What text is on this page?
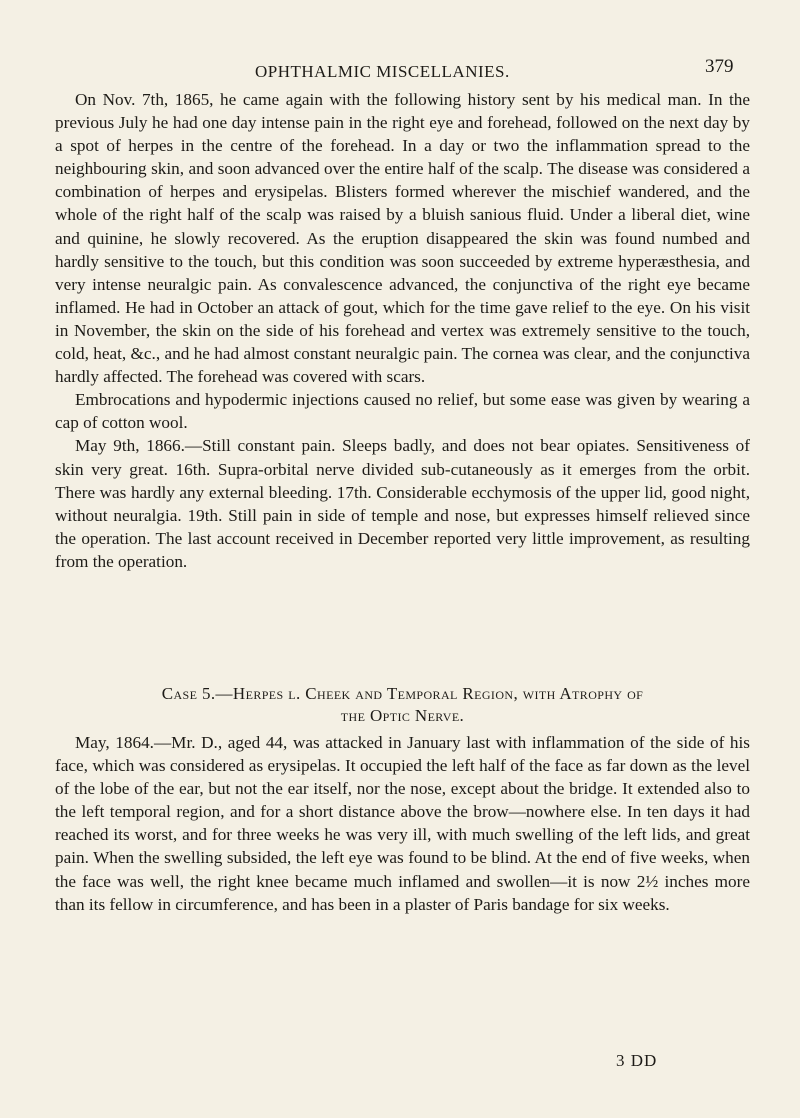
OPHTHALMIC MISCELLANIES.	379

On Nov. 7th, 1865, he came again with the following history sent by his medical man. In the previous July he had one day intense pain in the right eye and forehead, followed on the next day by a spot of herpes in the centre of the forehead. In a day or two the inflammation spread to the neighbouring skin, and soon advanced over the entire half of the scalp. The disease was considered a combination of herpes and erysipelas. Blisters formed wherever the mischief wandered, and the whole of the right half of the scalp was raised by a bluish sanious fluid. Under a liberal diet, wine and quinine, he slowly recovered. As the eruption disappeared the skin was found numbed and hardly sensitive to the touch, but this condition was soon succeeded by extreme hyperæsthesia, and very intense neuralgic pain. As convalescence advanced, the conjunctiva of the right eye became inflamed. He had in October an attack of gout, which for the time gave relief to the eye. On his visit in November, the skin on the side of his forehead and vertex was extremely sensitive to the touch, cold, heat, &c., and he had almost constant neuralgic pain. The cornea was clear, and the conjunctiva hardly affected. The forehead was covered with scars.

Embrocations and hypodermic injections caused no relief, but some ease was given by wearing a cap of cotton wool.

May 9th, 1866.—Still constant pain. Sleeps badly, and does not bear opiates. Sensitiveness of skin very great. 16th. Supra-orbital nerve divided sub-cutaneously as it emerges from the orbit. There was hardly any external bleeding. 17th. Considerable ecchymosis of the upper lid, good night, without neuralgia. 19th. Still pain in side of temple and nose, but expresses himself relieved since the operation. The last account received in December reported very little improvement, as resulting from the operation.

Case 5.—Herpes l. Cheek and Temporal Region, with Atrophy of
the Optic Nerve.

May, 1864.—Mr. D., aged 44, was attacked in January last with inflammation of the side of his face, which was considered as erysipelas. It occupied the left half of the face as far down as the level of the lobe of the ear, but not the ear itself, nor the nose, except about the bridge. It extended also to the left temporal region, and for a short distance above the brow—nowhere else. In ten days it had reached its worst, and for three weeks he was very ill, with much swelling of the left lids, and great pain. When the swelling subsided, the left eye was found to be blind. At the end of five weeks, when the face was well, the right knee became much inflamed and swollen—it is now 2½ inches more than its fellow in circumference, and has been in a plaster of Paris bandage for six weeks.

3 DD
